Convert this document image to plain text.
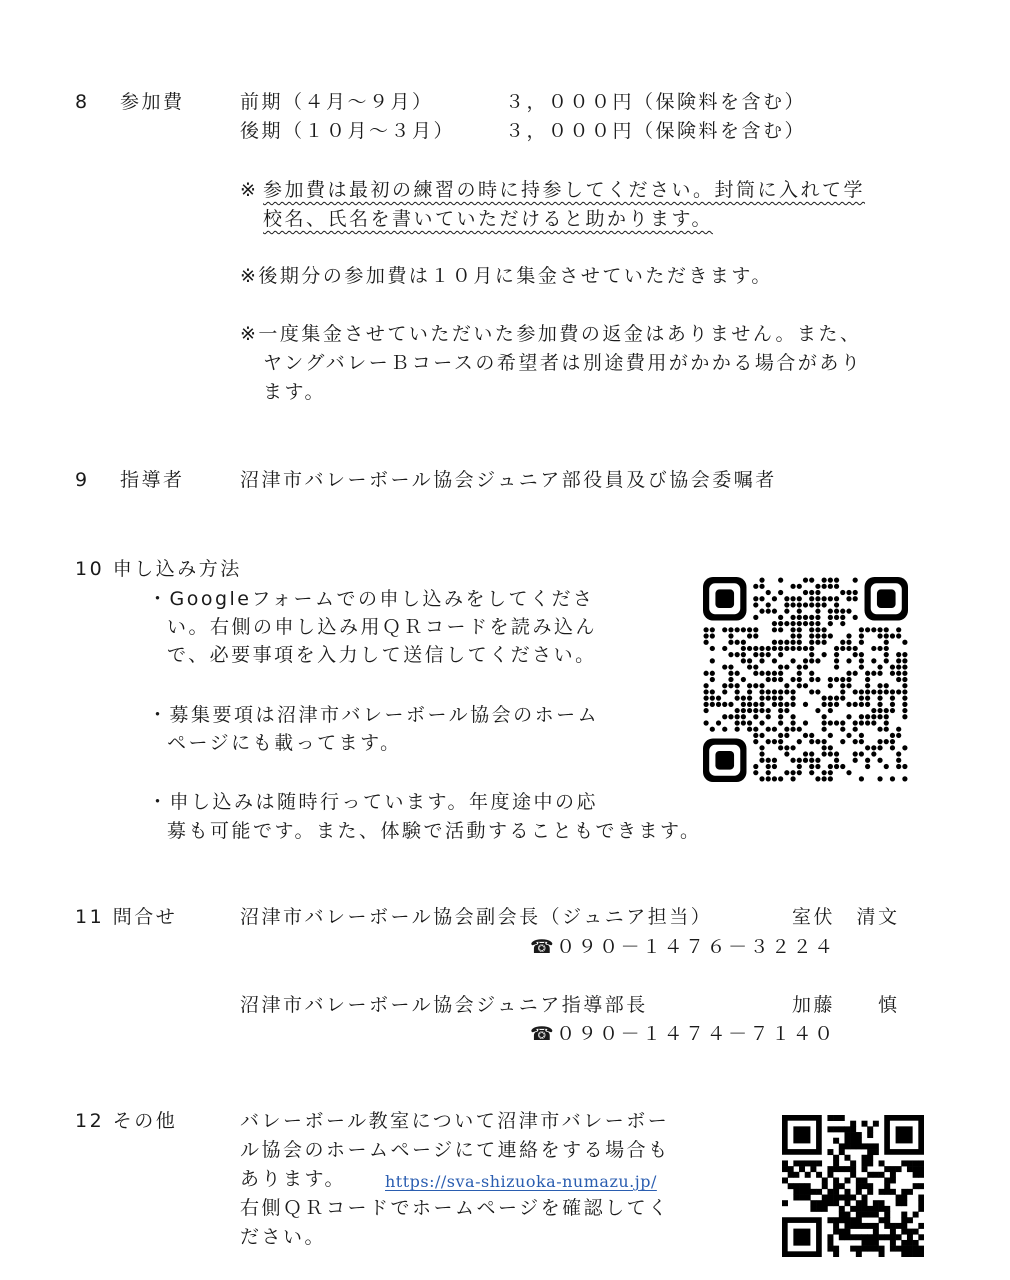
8 参加費	前期（４月～９月）	３，０００円（保険料を含む）
後期（１０月～３月）	３，０００円（保険料を含む）
※ 参加費は最初の練習の時に持参してください。封筒に入れて学
校名、氏名を書いていただけると助かります。
※後期分の参加費は１０月に集金させていただきます。
※一度集金させていただいた参加費の返金はありません。また、
ヤングバレーＢコースの希望者は別途費用がかかる場合があり
ます。
9 指導者	沼津市バレーボール協会ジュニア部役員及び協会委嘱者
10 申し込み方法
・Googleフォームでの申し込みをしてくださ
い。右側の申し込み用ＱＲコードを読み込ん
で、必要事項を入力して送信してください。
・募集要項は沼津市バレーボール協会のホーム
ページにも載ってます。
・申し込みは随時行っています。年度途中の応
募も可能です。また、体験で活動することもできます。
11 問合せ	沼津市バレーボール協会副会長（ジュニア担当）	室伏　清文
☎０９０－１４７６－３２２４
沼津市バレーボール協会ジュニア指導部長	加藤　　慎
☎０９０－１４７４－７１４０
12 その他	バレーボール教室について沼津市バレーボー
ル協会のホームページにて連絡をする場合も
あります。 https://sva-shizuoka-numazu.jp/
右側ＱＲコードでホームページを確認してく
ださい。
